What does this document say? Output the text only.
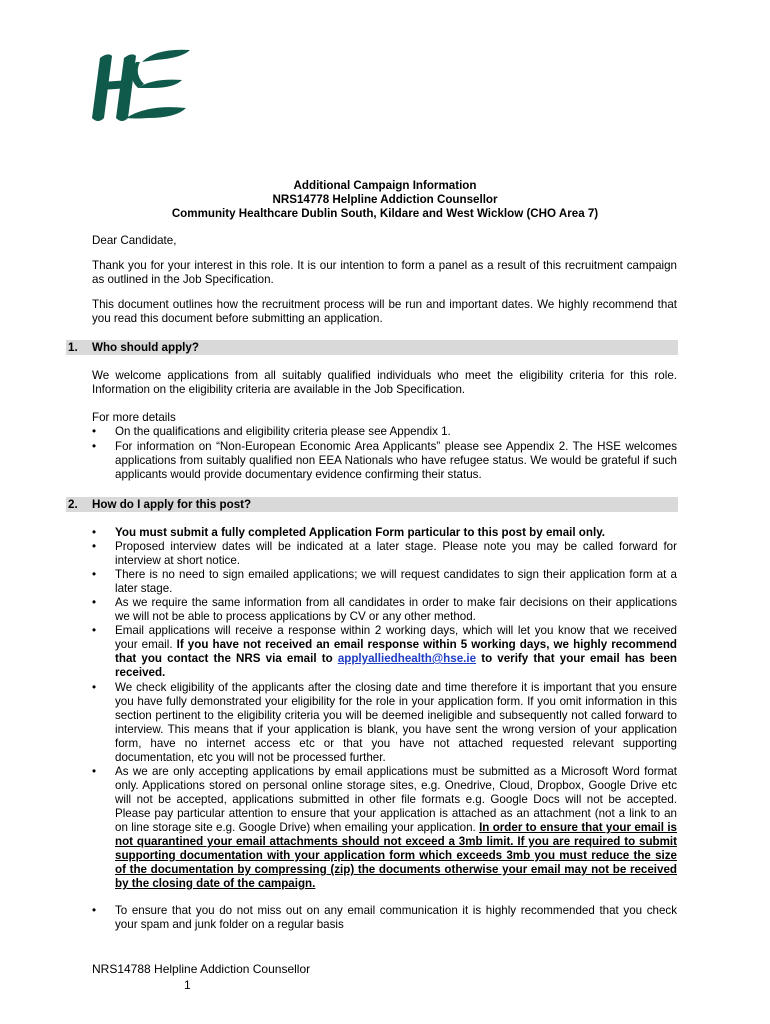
Additional Campaign Information
NRS14778 Helpline Addiction Counsellor
Community Healthcare Dublin South, Kildare and West Wicklow (CHO Area 7)
Dear Candidate,
Thank you for your interest in this role. It is our intention to form a panel as a result of this recruitment campaign as outlined in the Job Specification.
This document outlines how the recruitment process will be run and important dates. We highly recommend that you read this document before submitting an application.
1. Who should apply?
We welcome applications from all suitably qualified individuals who meet the eligibility criteria for this role. Information on the eligibility criteria are available in the Job Specification.
For more details
•	On the qualifications and eligibility criteria please see Appendix 1.
•	For information on “Non-European Economic Area Applicants” please see Appendix 2. The HSE welcomes applications from suitably qualified non EEA Nationals who have refugee status. We would be grateful if such applicants would provide documentary evidence confirming their status.
2. How do I apply for this post?
•	You must submit a fully completed Application Form particular to this post by email only.
•	Proposed interview dates will be indicated at a later stage. Please note you may be called forward for interview at short notice.
•	There is no need to sign emailed applications; we will request candidates to sign their application form at a later stage.
•	As we require the same information from all candidates in order to make fair decisions on their applications we will not be able to process applications by CV or any other method.
•	Email applications will receive a response within 2 working days, which will let you know that we received your email. If you have not received an email response within 5 working days, we highly recommend that you contact the NRS via email to applyalliedhealth@hse.ie to verify that your email has been received.
•	We check eligibility of the applicants after the closing date and time therefore it is important that you ensure you have fully demonstrated your eligibility for the role in your application form. If you omit information in this section pertinent to the eligibility criteria you will be deemed ineligible and subsequently not called forward to interview. This means that if your application is blank, you have sent the wrong version of your application form, have no internet access etc or that you have not attached requested relevant supporting documentation, etc you will not be processed further.
•	As we are only accepting applications by email applications must be submitted as a Microsoft Word format only. Applications stored on personal online storage sites, e.g. Onedrive, Cloud, Dropbox, Google Drive etc will not be accepted, applications submitted in other file formats e.g. Google Docs will not be accepted. Please pay particular attention to ensure that your application is attached as an attachment (not a link to an on line storage site e.g. Google Drive) when emailing your application. In order to ensure that your email is not quarantined your email attachments should not exceed a 3mb limit. If you are required to submit supporting documentation with your application form which exceeds 3mb you must reduce the size of the documentation by compressing (zip) the documents otherwise your email may not be received by the closing date of the campaign.
•	To ensure that you do not miss out on any email communication it is highly recommended that you check your spam and junk folder on a regular basis
NRS14788 Helpline Addiction Counsellor
1
